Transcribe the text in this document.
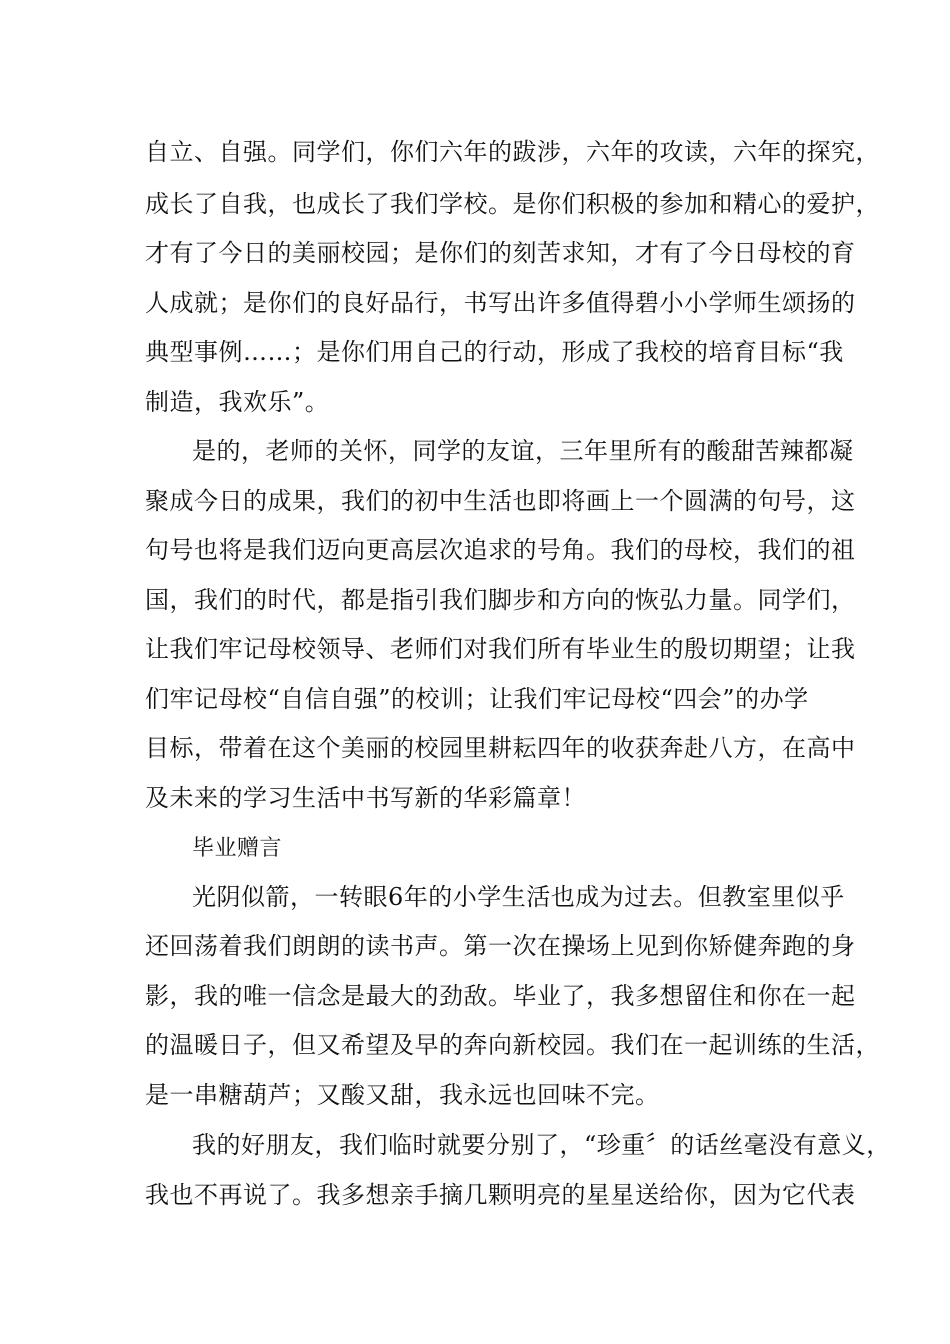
自立、自强。同学们，你们六年的跋涉，六年的攻读，六年的探究，
成长了自我，也成长了我们学校。是你们积极的参加和精心的爱护，
才有了今日的美丽校园；是你们的刻苦求知，才有了今日母校的育
人成就；是你们的良好品行，书写出许多值得碧小小学师生颂扬的
典型事例……；是你们用自己的行动，形成了我校的培育目标“我
制造，我欢乐”。
是的，老师的关怀，同学的友谊，三年里所有的酸甜苦辣都凝
聚成今日的成果，我们的初中生活也即将画上一个圆满的句号，这
句号也将是我们迈向更高层次追求的号角。我们的母校，我们的祖
国，我们的时代，都是指引我们脚步和方向的恢弘力量。同学们，
让我们牢记母校领导、老师们对我们所有毕业生的殷切期望；让我
们牢记母校“自信自强”的校训；让我们牢记母校“四会”的办学
目标，带着在这个美丽的校园里耕耘四年的收获奔赴八方，在高中
及未来的学习生活中书写新的华彩篇章！
毕业赠言
光阴似箭，一转眼6年的小学生活也成为过去。但教室里似乎
还回荡着我们朗朗的读书声。第一次在操场上见到你矫健奔跑的身
影，我的唯一信念是最大的劲敌。毕业了，我多想留住和你在一起
的温暖日子，但又希望及早的奔向新校园。我们在一起训练的生活，
是一串糖葫芦；又酸又甜，我永远也回味不完。
我的好朋友，我们临时就要分别了，“珍重〞的话丝毫没有意义，
我也不再说了。我多想亲手摘几颗明亮的星星送给你，因为它代表
